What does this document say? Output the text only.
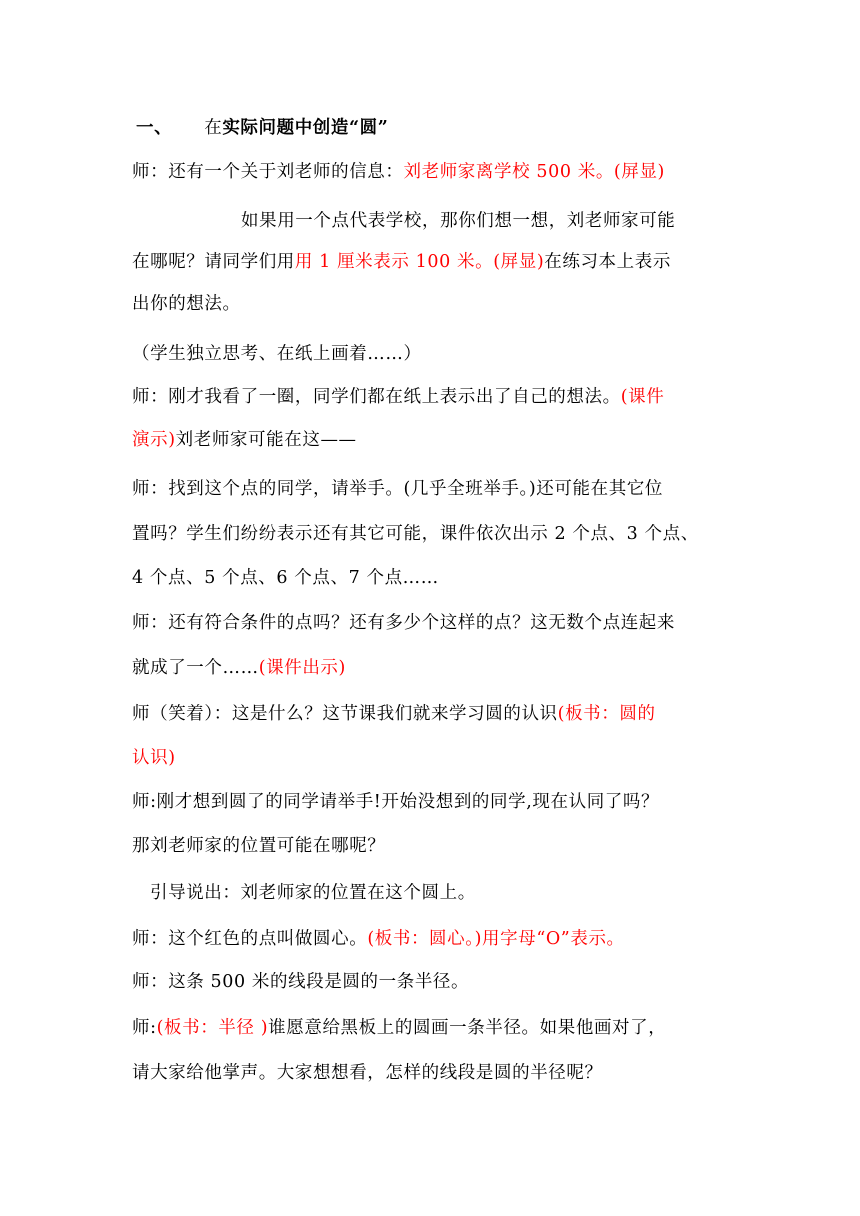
一、 在实际问题中创造“圆”
师：还有一个关于刘老师的信息：刘老师家离学校 500 米。(屏显)
如果用一个点代表学校，那你们想一想，刘老师家可能
在哪呢？请同学们用用 1 厘米表示 100 米。(屏显)在练习本上表示
出你的想法。
（学生独立思考、在纸上画着……）
师：刚才我看了一圈，同学们都在纸上表示出了自己的想法。(课件
演示)刘老师家可能在这——
师：找到这个点的同学，请举手。(几乎全班举手。)还可能在其它位
置吗？学生们纷纷表示还有其它可能，课件依次出示 2 个点、3 个点、
4 个点、5 个点、6 个点、7 个点……
师：还有符合条件的点吗？还有多少个这样的点？这无数个点连起来
就成了一个……(课件出示)
师（笑着）：这是什么？这节课我们就来学习圆的认识(板书：圆的
认识)
师:刚才想到圆了的同学请举手!开始没想到的同学,现在认同了吗？
那刘老师家的位置可能在哪呢？
引导说出：刘老师家的位置在这个圆上。
师：这个红色的点叫做圆心。(板书：圆心。)用字母“O”表示。
师：这条 500 米的线段是圆的一条半径。
师:(板书：半径 )谁愿意给黑板上的圆画一条半径。如果他画对了，
请大家给他掌声。大家想想看，怎样的线段是圆的半径呢？
